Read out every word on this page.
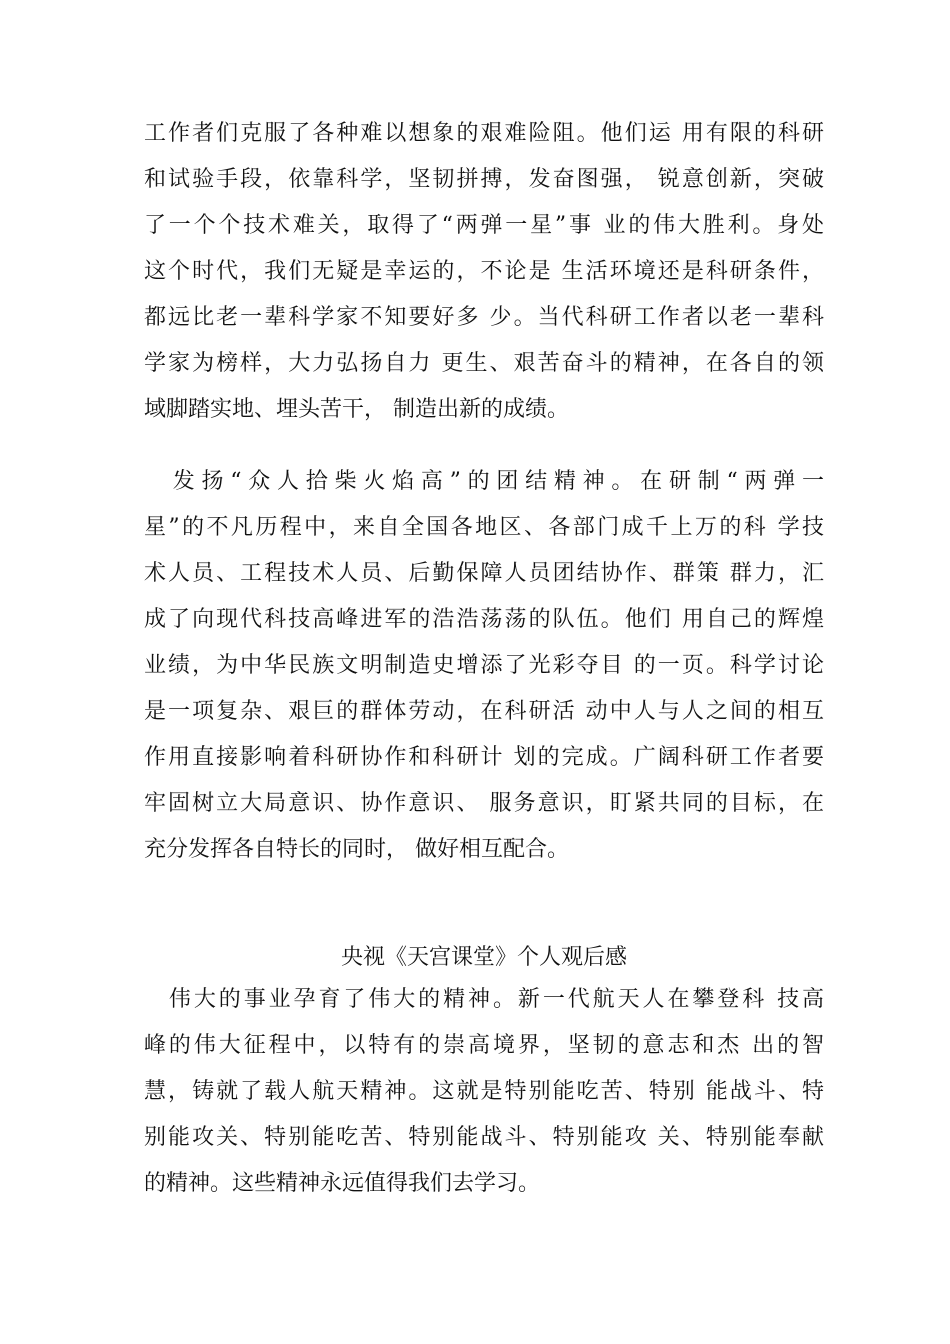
工作者们克服了各种难以想象的艰难险阻。他们运 用有限的科研
和试验手段，依靠科学，坚韧拼搏，发奋图强， 锐意创新，突破
了一个个技术难关，取得了“两弹一星”事 业的伟大胜利。身处
这个时代，我们无疑是幸运的，不论是 生活环境还是科研条件，
都远比老一辈科学家不知要好多 少。当代科研工作者以老一辈科
学家为榜样，大力弘扬自力 更生、艰苦奋斗的精神，在各自的领
域脚踏实地、埋头苦干， 制造出新的成绩。
　发扬“众人拾柴火焰高”的团结精神。在研制“两弹一
星”的不凡历程中，来自全国各地区、各部门成千上万的科 学技
术人员、工程技术人员、后勤保障人员团结协作、群策 群力，汇
成了向现代科技高峰进军的浩浩荡荡的队伍。他们 用自己的辉煌
业绩，为中华民族文明制造史增添了光彩夺目 的一页。科学讨论
是一项复杂、艰巨的群体劳动，在科研活 动中人与人之间的相互
作用直接影响着科研协作和科研计 划的完成。广阔科研工作者要
牢固树立大局意识、协作意识、 服务意识，盯紧共同的目标，在
充分发挥各自特长的同时， 做好相互配合。
央视《天宫课堂》个人观后感
　伟大的事业孕育了伟大的精神。新一代航天人在攀登科 技高
峰的伟大征程中，以特有的崇高境界，坚韧的意志和杰 出的智
慧，铸就了载人航天精神。这就是特别能吃苦、特别 能战斗、特
别能攻关、特别能吃苦、特别能战斗、特别能攻 关、特别能奉献
的精神。这些精神永远值得我们去学习。
